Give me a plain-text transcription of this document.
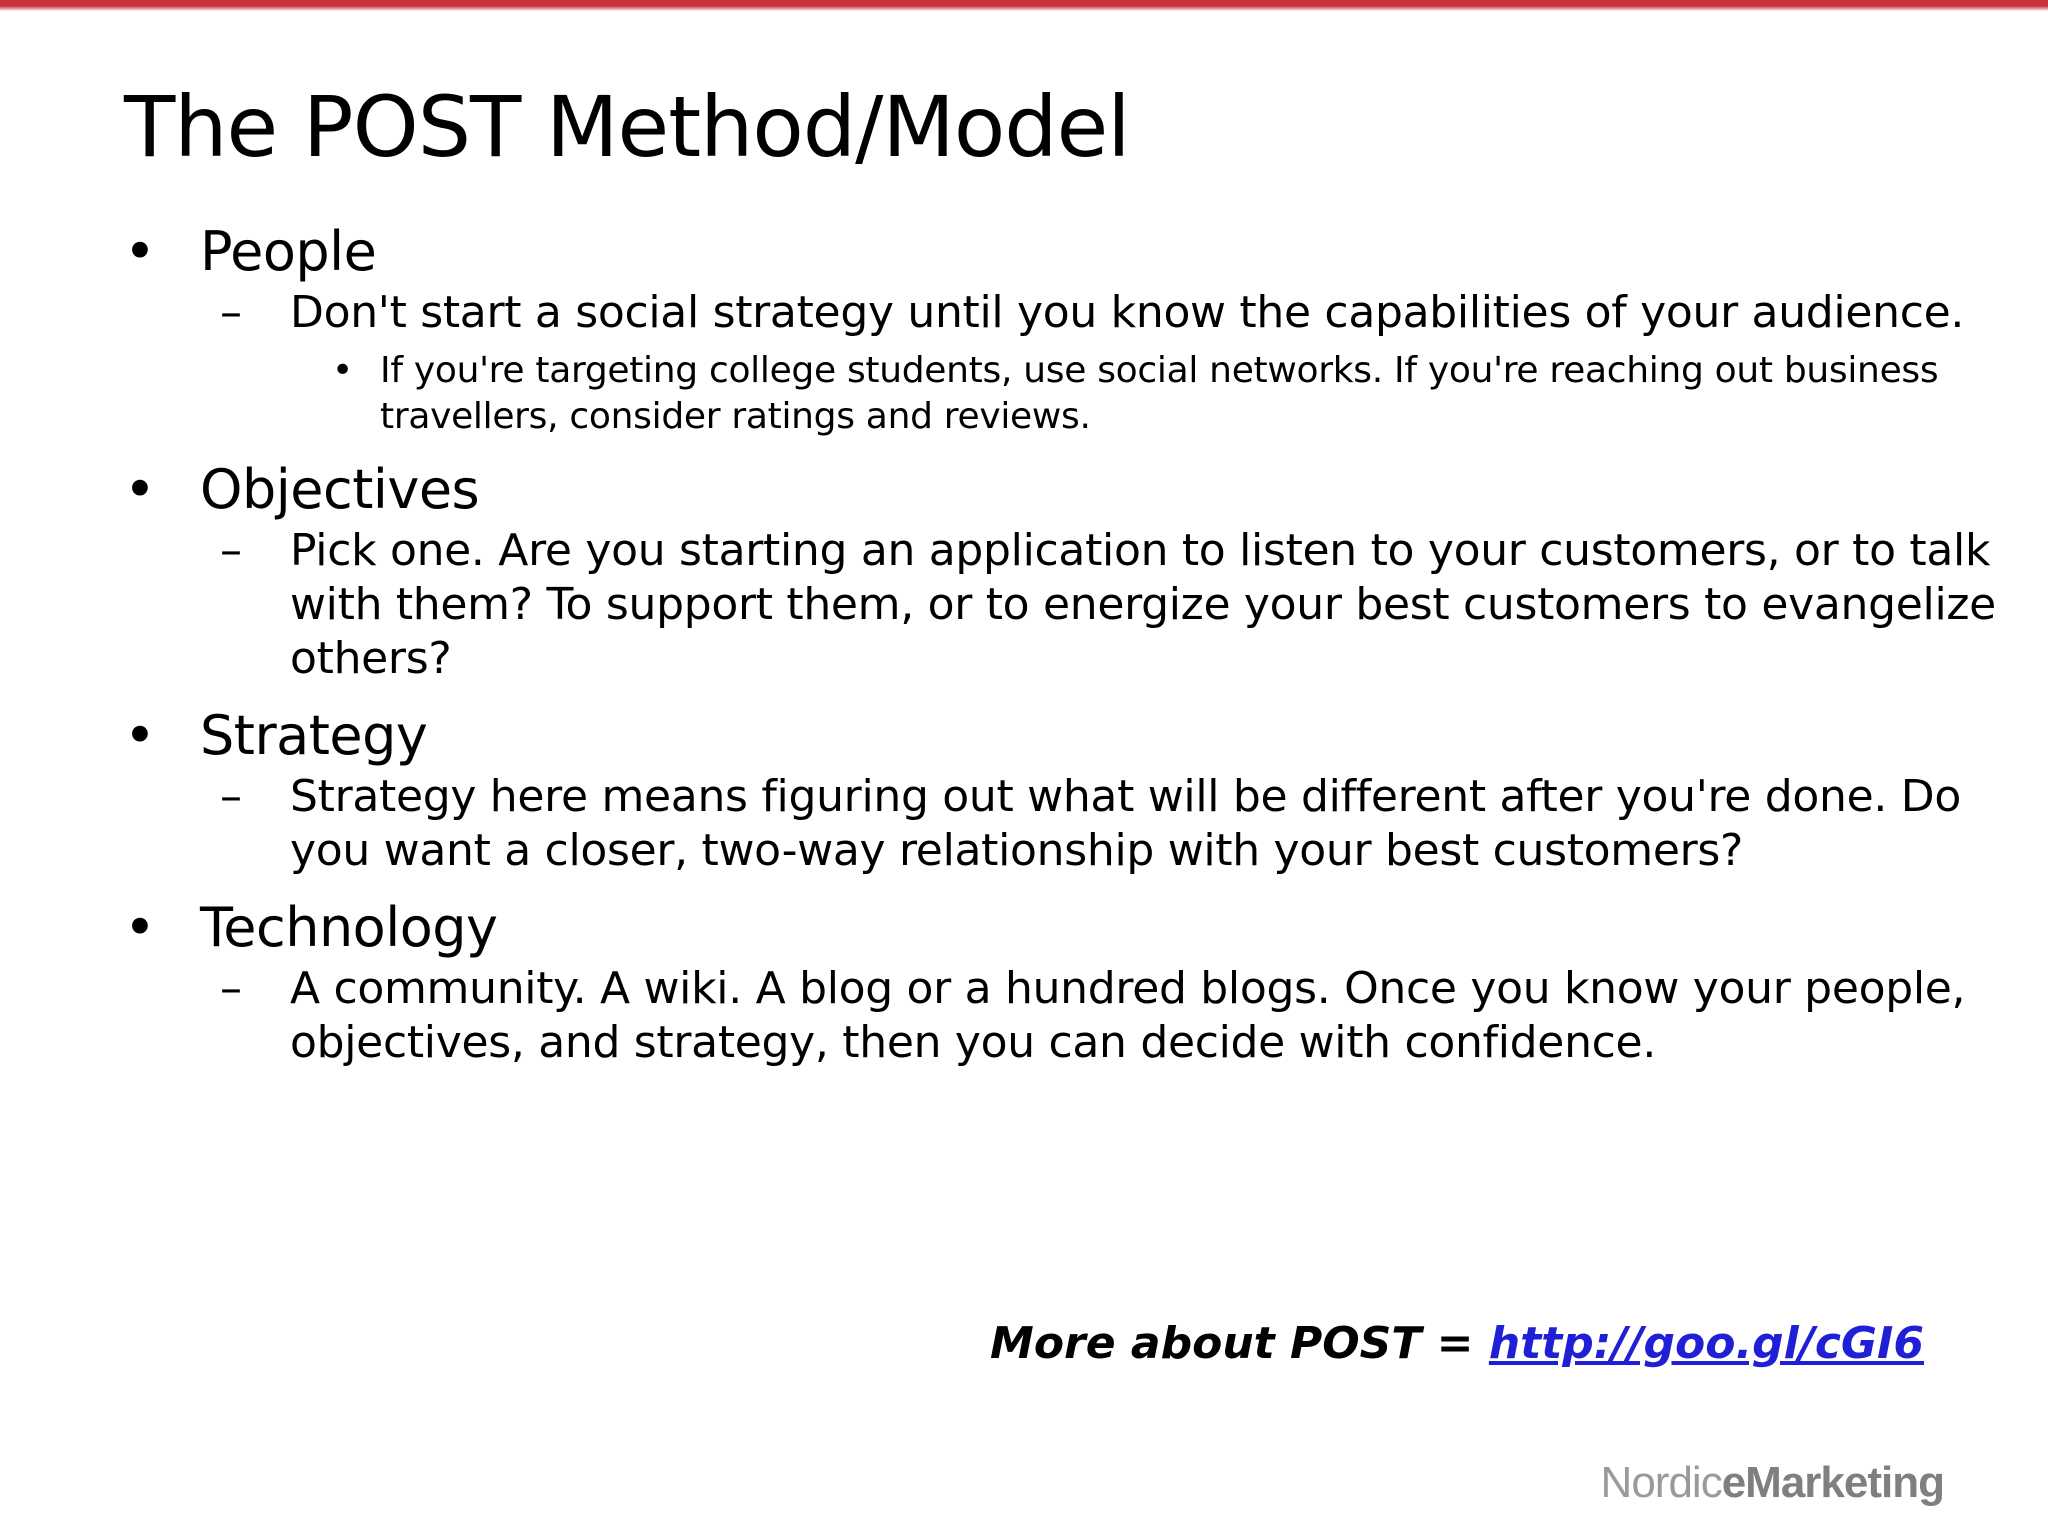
The POST Method/Model
• People
– Don't start a social strategy until you know the capabilities of your audience.
• If you're targeting college students, use social networks. If you're reaching out business travellers, consider ratings and reviews.
• Objectives
– Pick one. Are you starting an application to listen to your customers, or to talk with them? To support them, or to energize your best customers to evangelize others?
• Strategy
– Strategy here means figuring out what will be different after you're done. Do you want a closer, two-way relationship with your best customers?
• Technology
– A community. A wiki. A blog or a hundred blogs. Once you know your people, objectives, and strategy, then you can decide with confidence.
More about POST = http://goo.gl/cGI6
NordiceMarketing
